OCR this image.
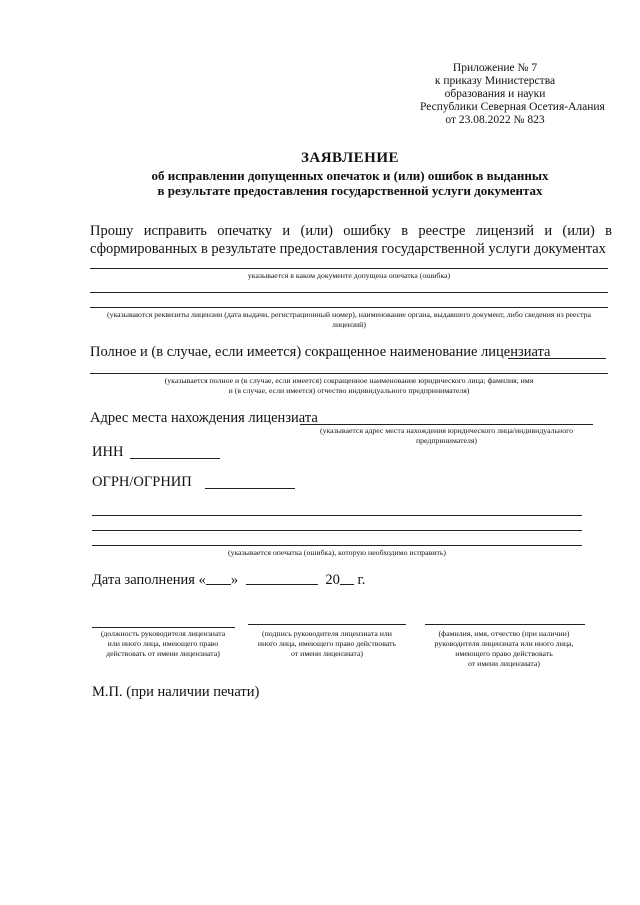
Приложение № 7
к приказу Министерства
образования и науки
Республики Северная Осетия-Алания
от 23.08.2022 № 823
ЗАЯВЛЕНИЕ
об исправлении допущенных опечаток и (или) ошибок в выданных
в результате предоставления государственной услуги документах
Прошу исправить опечатку и (или) ошибку в реестре лицензий и (или) в сформированных в результате предоставления государственной услуги документах
указывается в каком документе допущена опечатка (ошибка)
(указываются реквизиты лицензии (дата выдачи, регистрационный номер), наименование органа, выдавшего документ, либо сведения из реестра лицензий)
Полное и (в случае, если имеется) сокращенное наименование лицензиата
(указывается полное и (в случае, если имеется) сокращенное наименование юридического лица; фамилия, имя
и (в случае, если имеется) отчество индивидуального предпринимателя)
Адрес места нахождения лицензиата
(указывается адрес места нахождения юридического лица/индивидуального
предпринимателя)
ИНН
ОГРН/ОГРНИП
(указывается опечатка (ошибка), которую необходимо исправить)
Дата заполнения « »	20 г.
(должность руководителя лицензиата
или иного лица, имеющего право
действовать от имени лицензиата)
(подпись руководителя лицензиата или
иного лица, имеющего право действовать
от имени лицензиата)
(фамилия, имя, отчество (при наличии)
руководителя лицензиата или иного лица,
имеющего право действовать
от имени лицензиата)
М.П. (при наличии печати)
